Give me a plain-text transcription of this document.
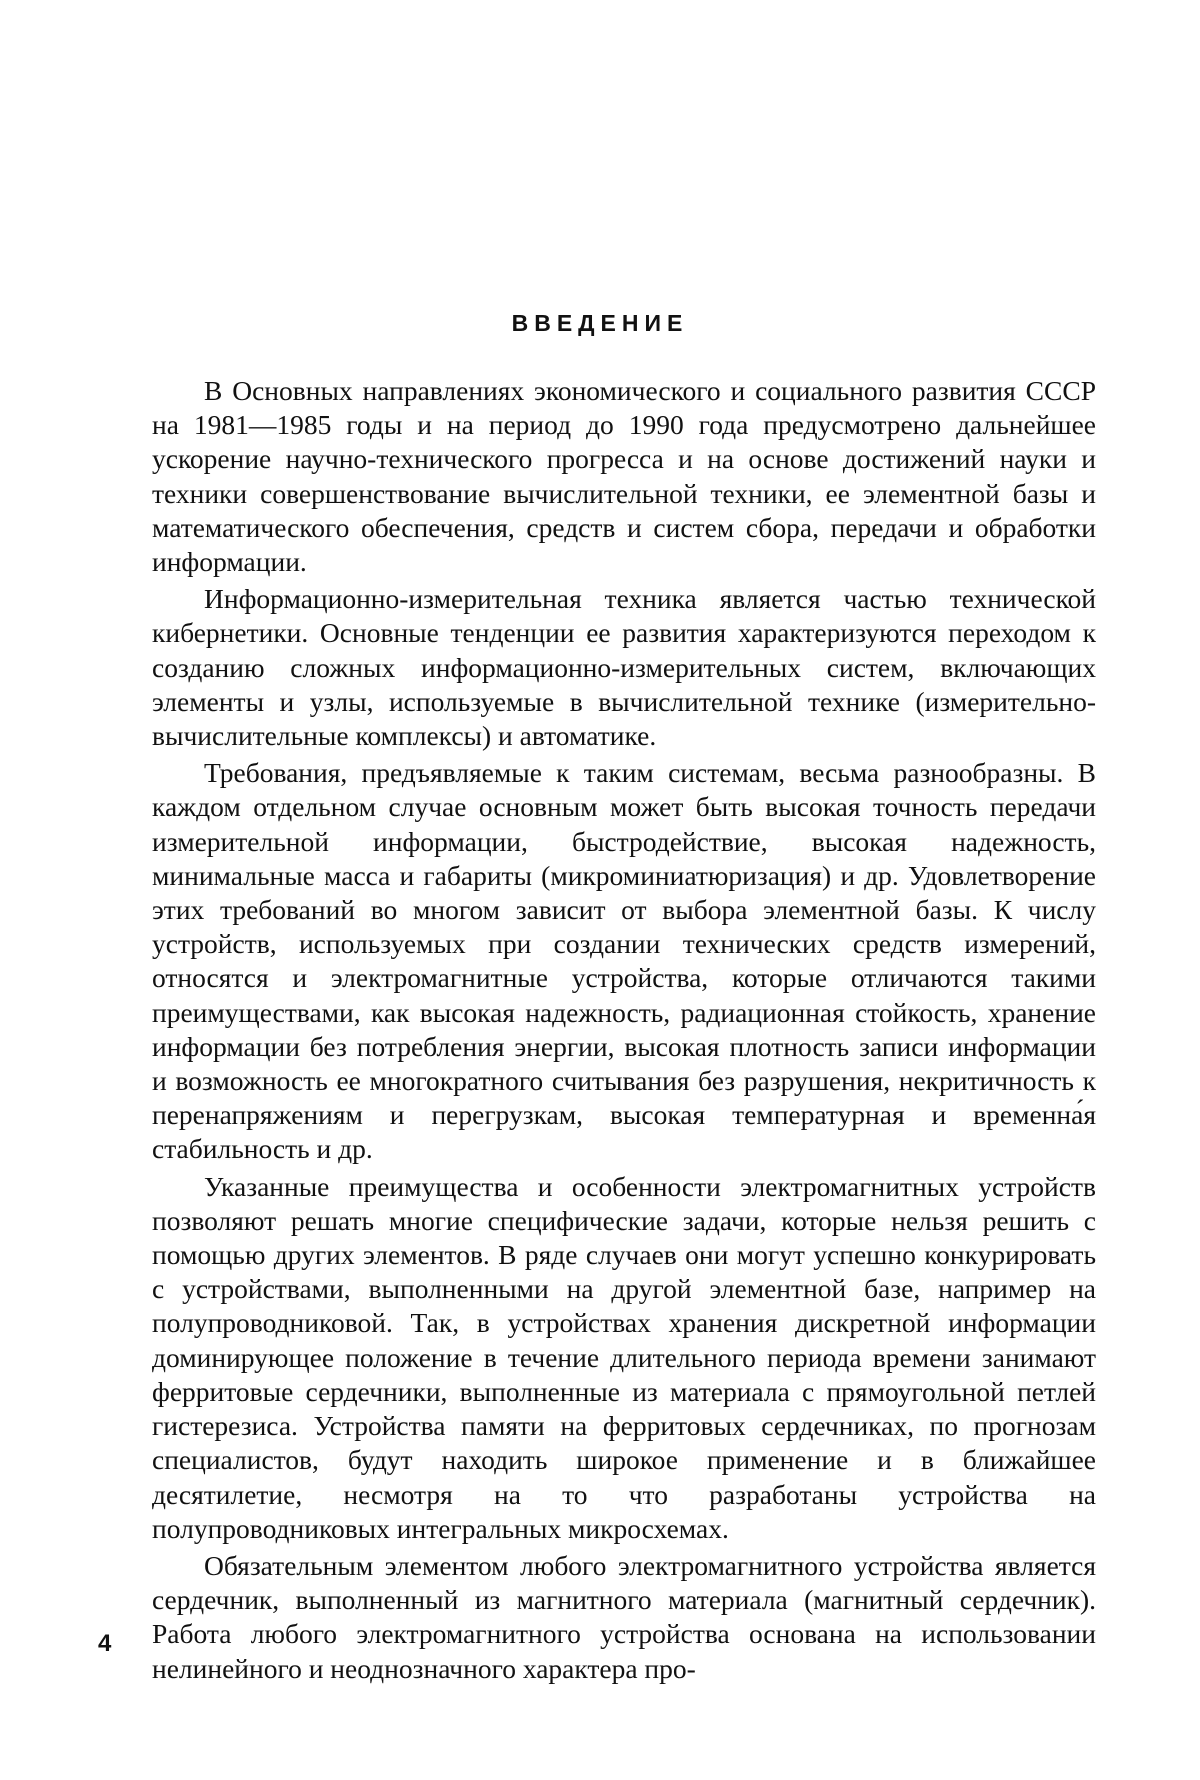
ВВЕДЕНИЕ

В Основных направлениях экономического и социального развития СССР на 1981—1985 годы и на период до 1990 года предусмотрено дальнейшее ускорение научно-технического прогресса и на основе достижений науки и техники совершенствование вычислительной техники, ее элементной базы и математического обеспечения, средств и систем сбора, передачи и обработки информации.

Информационно-измерительная техника является частью технической кибернетики. Основные тенденции ее развития характеризуются переходом к созданию сложных информационно-измерительных систем, включающих элементы и узлы, используемые в вычислительной технике (измерительно-вычислительные комплексы) и автоматике.

Требования, предъявляемые к таким системам, весьма разнообразны. В каждом отдельном случае основным может быть высокая точность передачи измерительной информации, быстродействие, высокая надежность, минимальные масса и габариты (микроминиатюризация) и др. Удовлетворение этих требований во многом зависит от выбора элементной базы. К числу устройств, используемых при создании технических средств измерений, относятся и электромагнитные устройства, которые отличаются такими преимуществами, как высокая надежность, радиационная стойкость, хранение информации без потребления энергии, высокая плотность записи информации и возможность ее многократного считывания без разрушения, некритичность к перенапряжениям и перегрузкам, высокая температурная и временна́я стабильность и др.

Указанные преимущества и особенности электромагнитных устройств позволяют решать многие специфические задачи, которые нельзя решить с помощью других элементов. В ряде случаев они могут успешно конкурировать с устройствами, выполненными на другой элементной базе, например на полупроводниковой. Так, в устройствах хранения дискретной информации доминирующее положение в течение длительного периода времени занимают ферритовые сердечники, выполненные из материала с прямоугольной петлей гистерезиса. Устройства памяти на ферритовых сердечниках, по прогнозам специалистов, будут находить широкое применение и в ближайшее десятилетие, несмотря на то что разработаны устройства на полупроводниковых интегральных микросхемах.

Обязательным элементом любого электромагнитного устройства является сердечник, выполненный из магнитного материала (магнитный сердечник). Работа любого электромагнитного устройства основана на использовании нелинейного и неоднозначного характера про-

4
